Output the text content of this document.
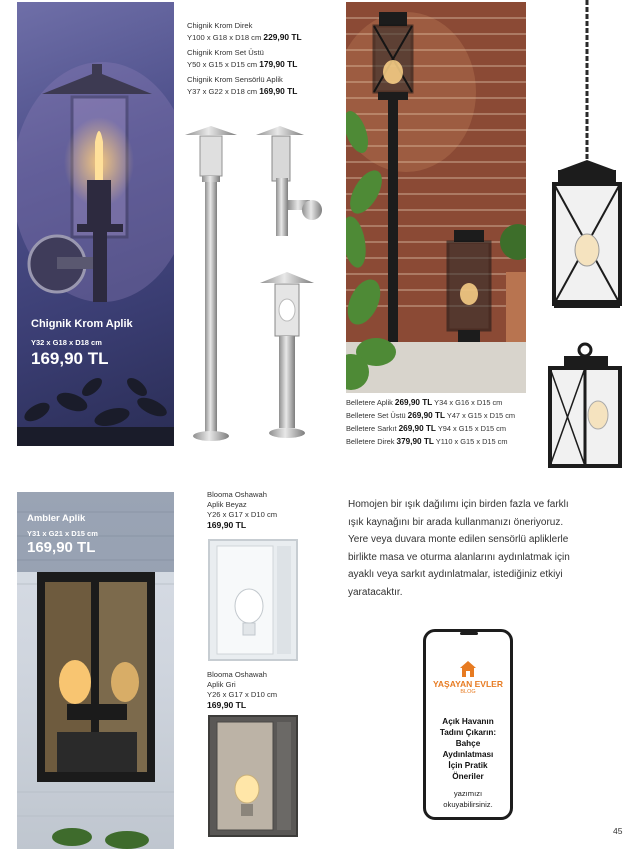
Chignik Krom Aplik
Y32 x G18 x D18 cm
169,90 TL
Chignik Krom Direk
Y100 x G18 x D18 cm 229,90 TL
Chignik Krom Set Üstü
Y50 x G15 x D15 cm 179,90 TL
Chignik Krom Sensörlü Aplik
Y37 x G22 x D18 cm 169,90 TL
Belletere Aplik 269,90 TL Y34 x G16 x D15 cm
Belletere Set Üstü 269,90 TL Y47 x G15 x D15 cm
Belletere Sarkıt 269,90 TL Y94 x G15 x D15 cm
Belletere Direk 379,90 TL Y110 x G15 x D15 cm
Ambler Aplik
Y31 x G21 x D15 cm
169,90 TL
Blooma Oshawah
Aplik Beyaz
Y26 x G17 x D10 cm
169,90 TL
Blooma Oshawah
Aplik Gri
Y26 x G17 x D10 cm
169,90 TL
Homojen bir ışık dağılımı için birden fazla ve farklı
ışık kaynağını bir arada kullanmanızı öneriyoruz.
Yere veya duvara monte edilen sensörlü apliklerle
birlikte masa ve oturma alanlarını aydınlatmak için
ayaklı veya sarkıt aydınlatmalar, istediğiniz etkiyi
yaratacaktır.
YAŞAYAN EVLER
BLOG
Açık Havanın
Tadını Çıkarın:
Bahçe
Aydınlatması
İçin Pratik
Öneriler
yazımızı
okuyabilirsiniz.
45
